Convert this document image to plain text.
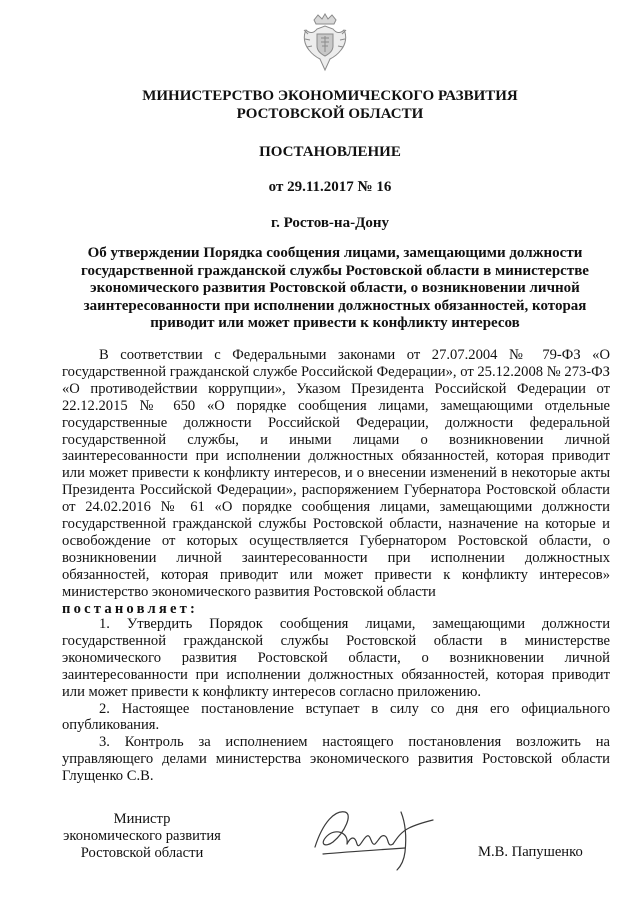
МИНИСТЕРСТВО ЭКОНОМИЧЕСКОГО РАЗВИТИЯ
РОСТОВСКОЙ ОБЛАСТИ
ПОСТАНОВЛЕНИЕ
от 29.11.2017 № 16
г. Ростов-на-Дону
Об утверждении Порядка сообщения лицами, замещающими должности государственной гражданской службы Ростовской области в министерстве экономического развития Ростовской области, о возникновении личной заинтересованности при исполнении должностных обязанностей, которая приводит или может привести к конфликту интересов

В соответствии с Федеральными законами от 27.07.2004 № 79-ФЗ «О государственной гражданской службе Российской Федерации», от 25.12.2008 № 273-ФЗ «О противодействии коррупции», Указом Президента Российской Федерации от 22.12.2015 № 650 «О порядке сообщения лицами, замещающими отдельные государственные должности Российской Федерации, должности федеральной государственной службы, и иными лицами о возникновении личной заинтересованности при исполнении должностных обязанностей, которая приводит или может привести к конфликту интересов, и о внесении изменений в некоторые акты Президента Российской Федерации», распоряжением Губернатора Ростовской области от 24.02.2016 № 61 «О порядке сообщения лицами, замещающими должности государственной гражданской службы Ростовской области, назначение на которые и освобождение от которых осуществляется Губернатором Ростовской области, о возникновении личной заинтересованности при исполнении должностных обязанностей, которая приводит или может привести к конфликту интересов» министерство экономического развития Ростовской области

постановляет:

1. Утвердить Порядок сообщения лицами, замещающими должности государственной гражданской службы Ростовской области в министерстве экономического развития Ростовской области, о возникновении личной заинтересованности при исполнении должностных обязанностей, которая приводит или может привести к конфликту интересов согласно приложению.

2. Настоящее постановление вступает в силу со дня его официального опубликования.

3. Контроль за исполнением настоящего постановления возложить на управляющего делами министерства экономического развития Ростовской области Глущенко С.В.

Министр
экономического развития
Ростовской области	М.В. Папушенко
